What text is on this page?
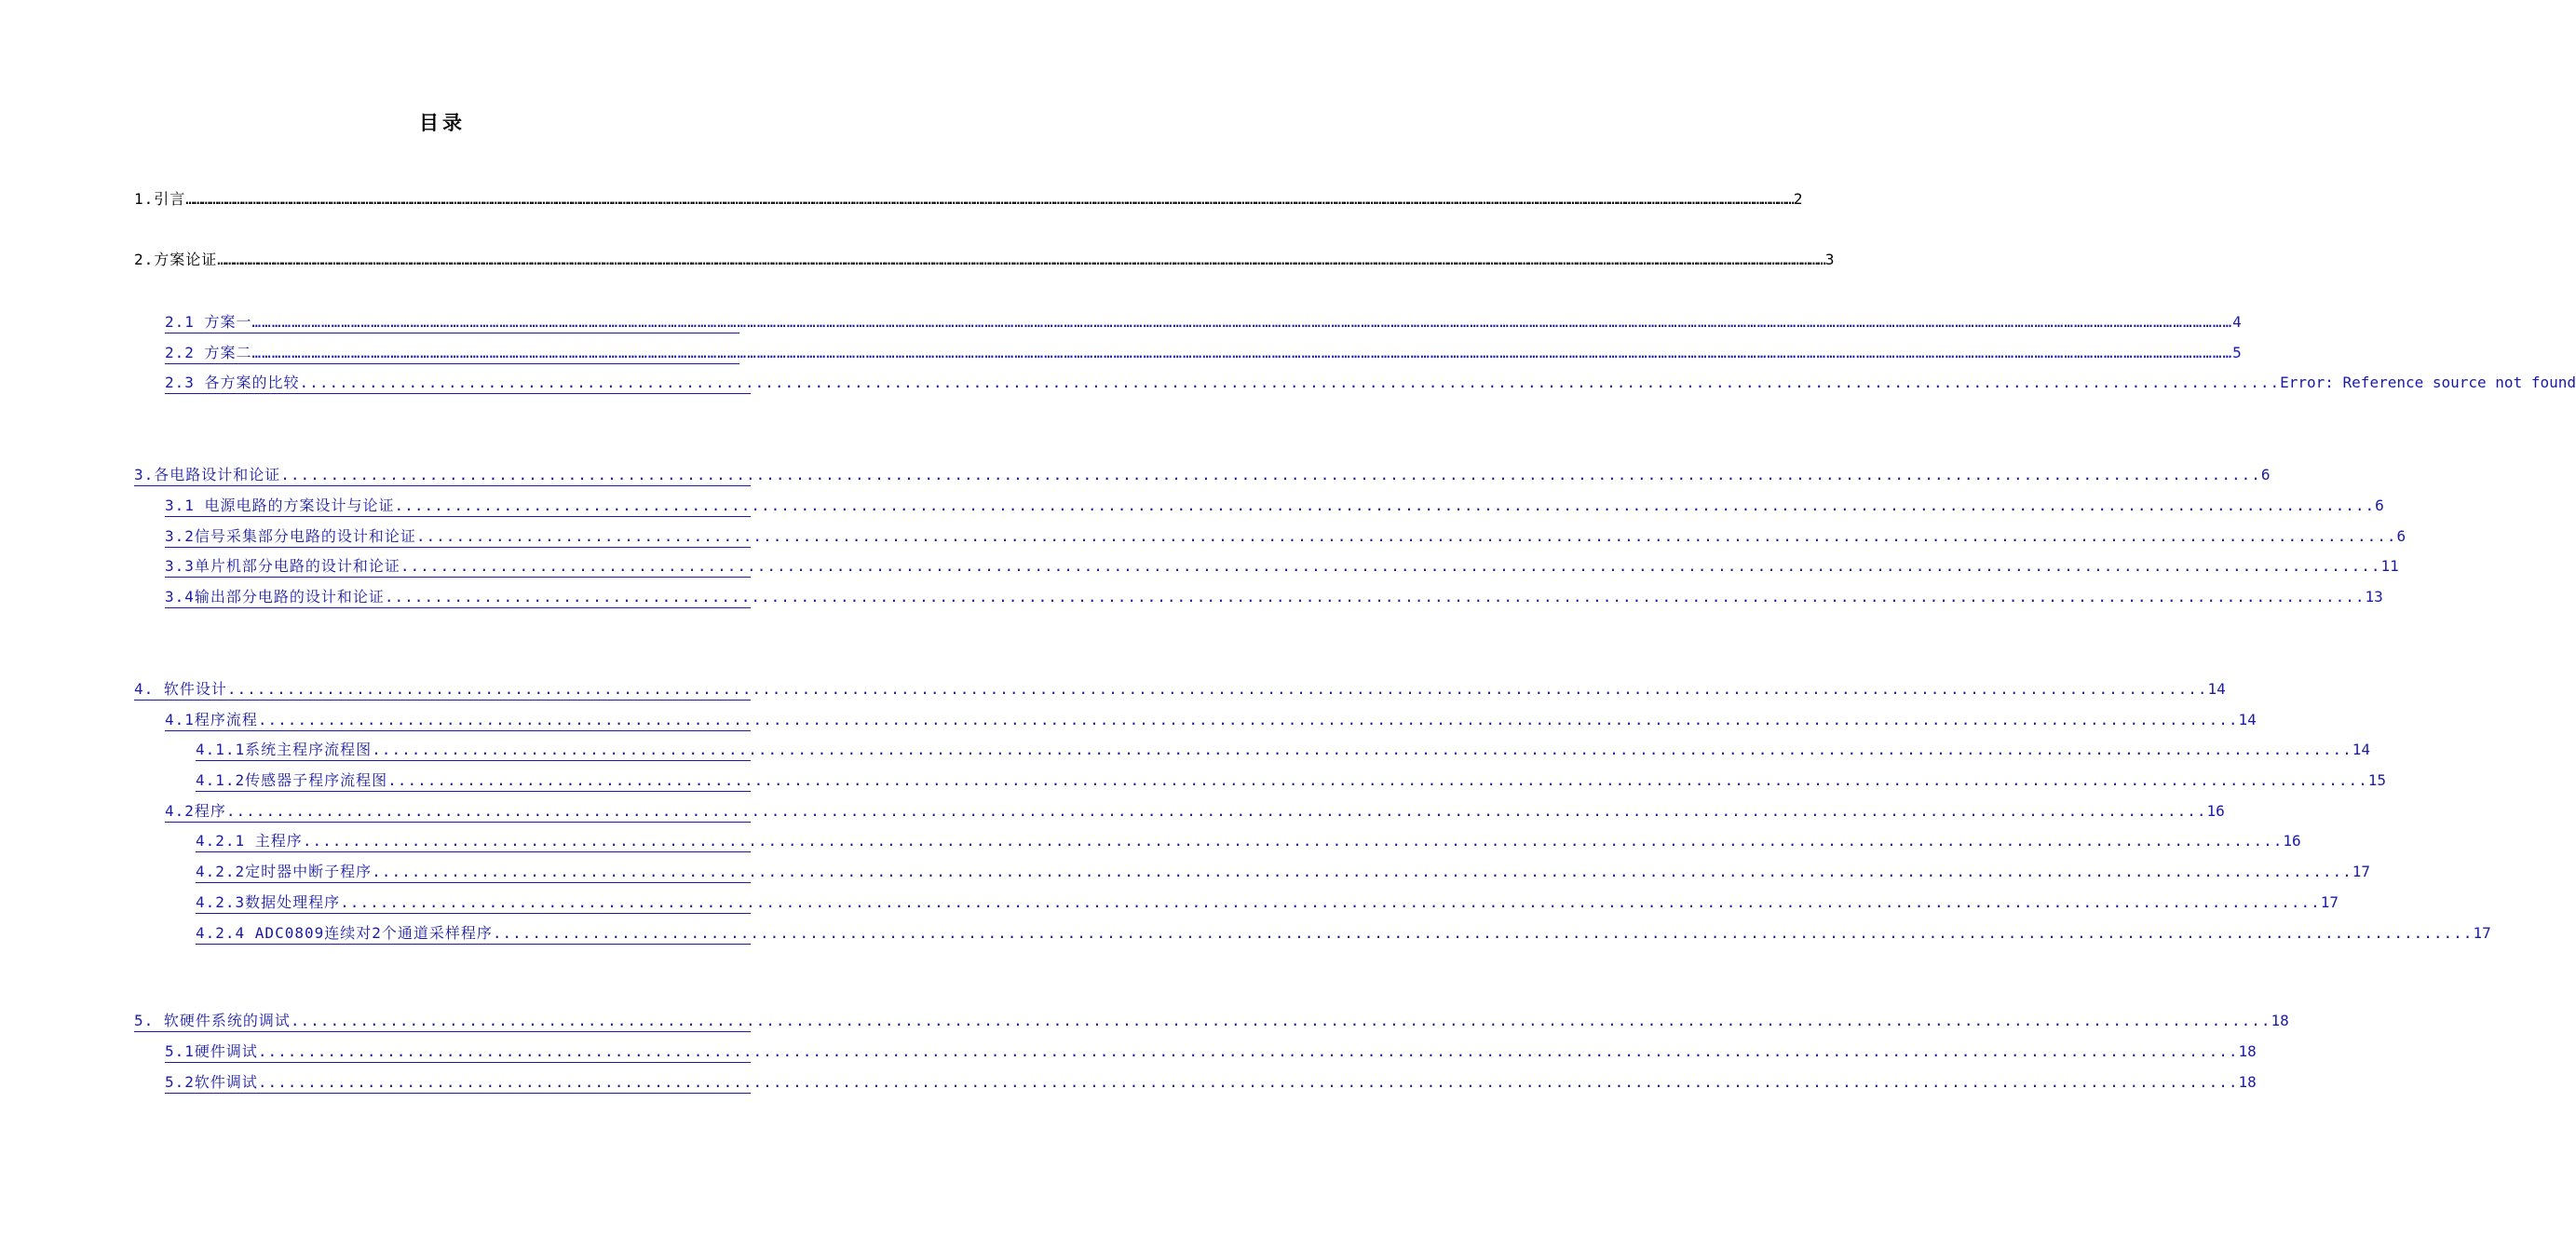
目录
1.引言 …………………………………………………………………………………………………………………………………………………………………………………………………………………………………………………………………………………………………………………………………………………………………………………………………………………………………………………………………………………………………………………………………………………… 2
2.方案论证 …………………………………………………………………………………………………………………………………………………………………………………………………………………………………………………………………………………………………………………………………………………………………………………………………………………………………………………………………………………………………………………………………………………… 3
2.1 方案一 …………………………………………………………………………………………………………………………………………………………………………………………………………………………………………………………………………………………………………………………………………………………………………………………………………………………………………………………………………………………………………………………………………………… 4
2.2 方案二 …………………………………………………………………………………………………………………………………………………………………………………………………………………………………………………………………………………………………………………………………………………………………………………………………………………………………………………………………………………………………………………………………………………… 5
2.3 各方案的比较 ........................................................................................................................................................................................................ Error: Reference source not found
3.各电路设计和论证 ........................................................................................................................................................................................................ 6
3.1 电源电路的方案设计与论证 ........................................................................................................................................................................................................ 6
3.2信号采集部分电路的设计和论证 ........................................................................................................................................................................................................ 6
3.3单片机部分电路的设计和论证 ........................................................................................................................................................................................................ 11
3.4输出部分电路的设计和论证 ........................................................................................................................................................................................................ 13
4. 软件设计 ........................................................................................................................................................................................................ 14
4.1程序流程 ........................................................................................................................................................................................................ 14
4.1.1系统主程序流程图 ........................................................................................................................................................................................................ 14
4.1.2传感器子程序流程图 ........................................................................................................................................................................................................ 15
4.2程序 ........................................................................................................................................................................................................ 16
4.2.1 主程序 ........................................................................................................................................................................................................ 16
4.2.2定时器中断子程序 ........................................................................................................................................................................................................ 17
4.2.3数据处理程序 ........................................................................................................................................................................................................ 17
4.2.4 ADC0809连续对2个通道采样程序 ........................................................................................................................................................................................................ 17
5. 软硬件系统的调试 ........................................................................................................................................................................................................ 18
5.1硬件调试 ........................................................................................................................................................................................................ 18
5.2软件调试 ........................................................................................................................................................................................................ 18
